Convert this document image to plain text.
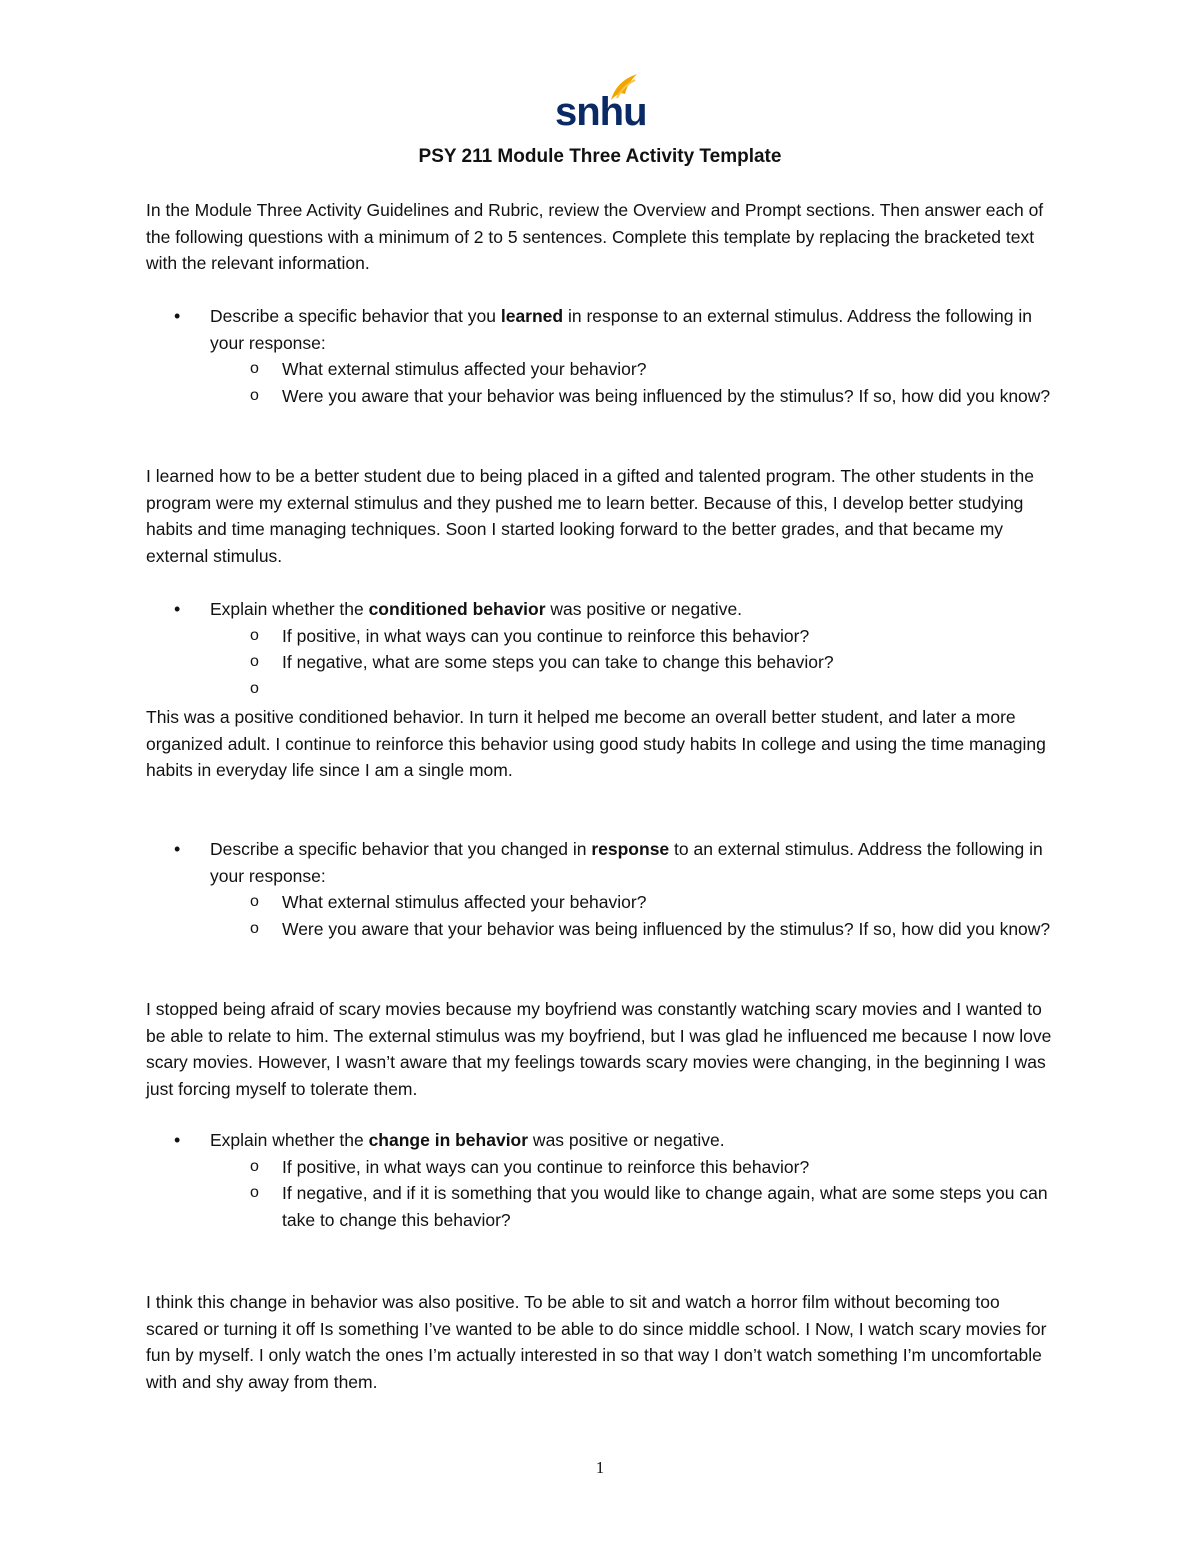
snhu
PSY 211 Module Three Activity Template

In the Module Three Activity Guidelines and Rubric, review the Overview and Prompt sections. Then answer each of the following questions with a minimum of 2 to 5 sentences. Complete this template by replacing the bracketed text with the relevant information.

• Describe a specific behavior that you learned in response to an external stimulus. Address the following in your response:
o What external stimulus affected your behavior?
o Were you aware that your behavior was being influenced by the stimulus? If so, how did you know?

I learned how to be a better student due to being placed in a gifted and talented program. The other students in the program were my external stimulus and they pushed me to learn better. Because of this, I develop better studying habits and time managing techniques. Soon I started looking forward to the better grades, and that became my external stimulus.

• Explain whether the conditioned behavior was positive or negative.
o If positive, in what ways can you continue to reinforce this behavior?
o If negative, what are some steps you can take to change this behavior?
o

This was a positive conditioned behavior. In turn it helped me become an overall better student, and later a more organized adult. I continue to reinforce this behavior using good study habits In college and using the time managing habits in everyday life since I am a single mom.

• Describe a specific behavior that you changed in response to an external stimulus. Address the following in your response:
o What external stimulus affected your behavior?
o Were you aware that your behavior was being influenced by the stimulus? If so, how did you know?

I stopped being afraid of scary movies because my boyfriend was constantly watching scary movies and I wanted to be able to relate to him. The external stimulus was my boyfriend, but I was glad he influenced me because I now love scary movies. However, I wasn’t aware that my feelings towards scary movies were changing, in the beginning I was just forcing myself to tolerate them.

• Explain whether the change in behavior was positive or negative.
o If positive, in what ways can you continue to reinforce this behavior?
o If negative, and if it is something that you would like to change again, what are some steps you can take to change this behavior?

I think this change in behavior was also positive. To be able to sit and watch a horror film without becoming too scared or turning it off Is something I’ve wanted to be able to do since middle school. I Now, I watch scary movies for fun by myself. I only watch the ones I’m actually interested in so that way I don’t watch something I’m uncomfortable with and shy away from them.

1
